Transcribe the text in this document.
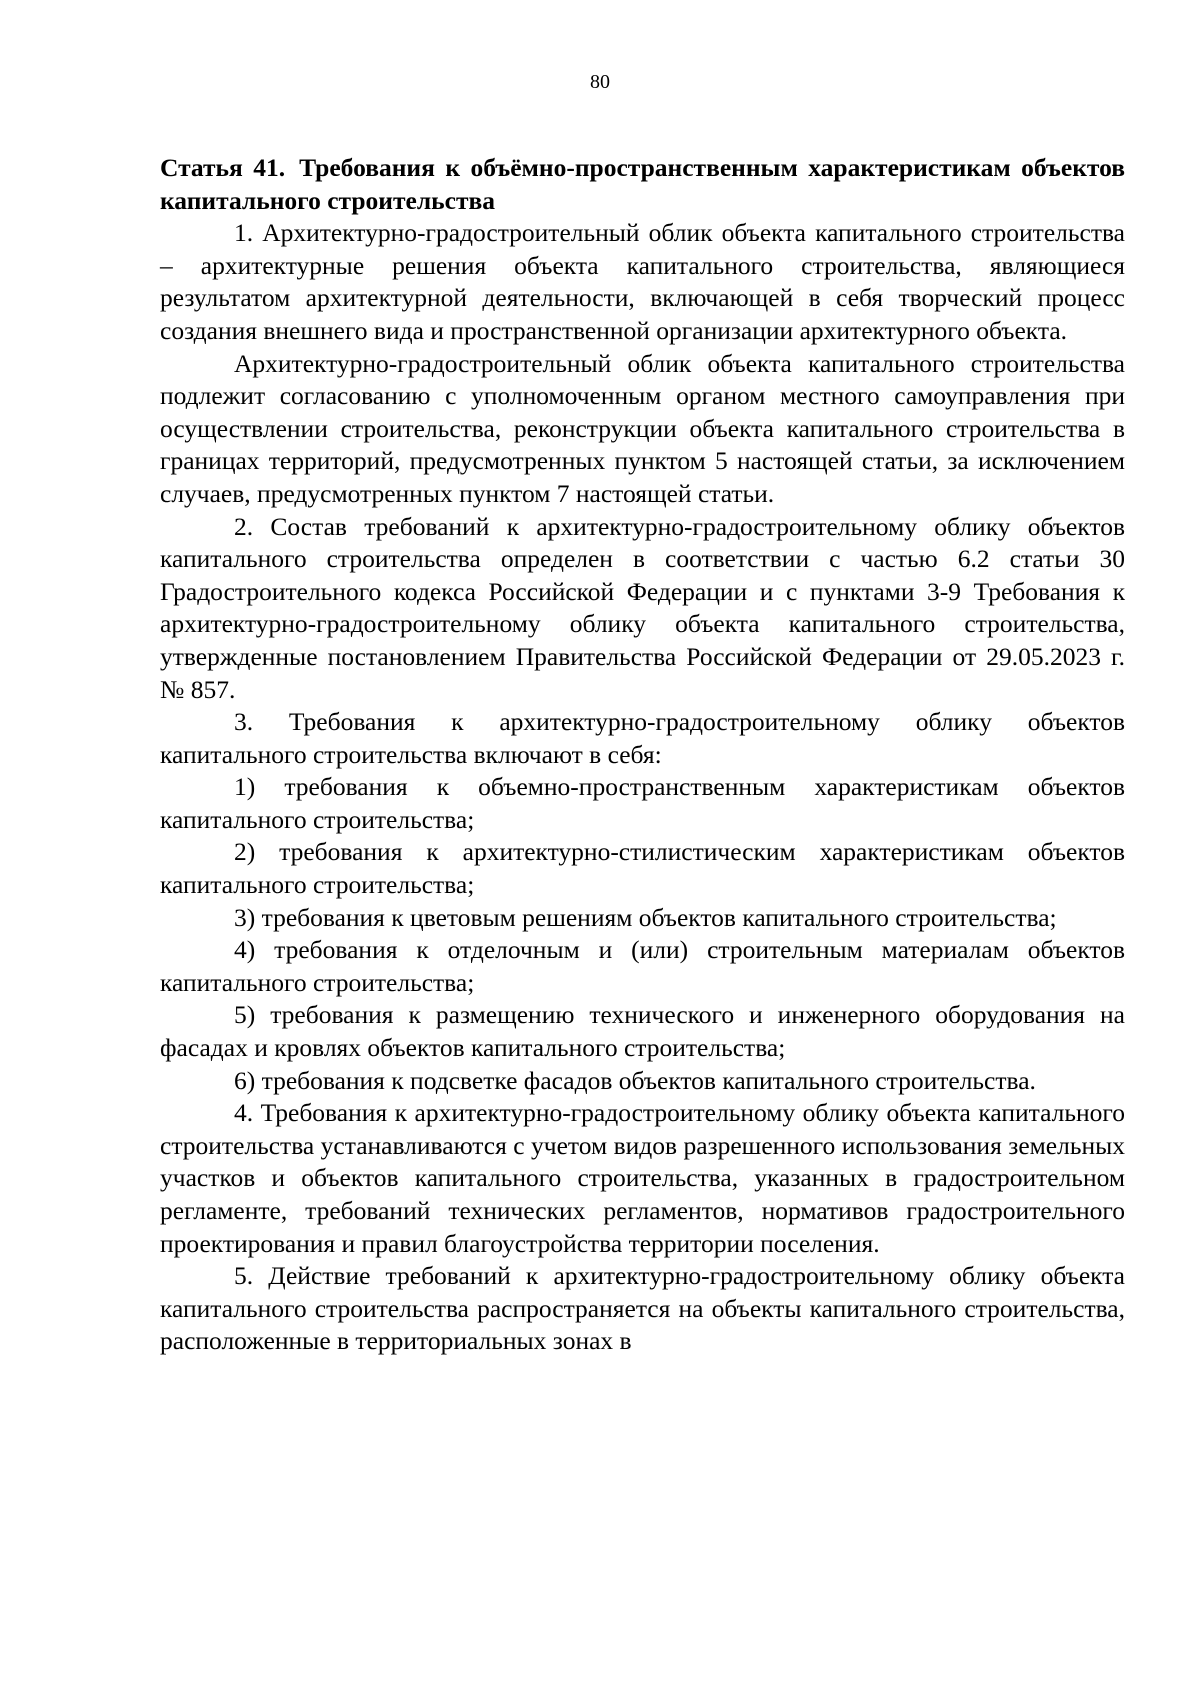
80
Статья 41. Требования к объёмно-пространственным характеристикам объектов капитального строительства

1. Архитектурно-градостроительный облик объекта капитального строительства – архитектурные решения объекта капитального строительства, являющиеся результатом архитектурной деятельности, включающей в себя творческий процесс создания внешнего вида и пространственной организации архитектурного объекта.

Архитектурно-градостроительный облик объекта капитального строительства подлежит согласованию с уполномоченным органом местного самоуправления при осуществлении строительства, реконструкции объекта капитального строительства в границах территорий, предусмотренных пунктом 5 настоящей статьи, за исключением случаев, предусмотренных пунктом 7 настоящей статьи.

2. Состав требований к архитектурно-градостроительному облику объектов капитального строительства определен в соответствии с частью 6.2 статьи 30 Градостроительного кодекса Российской Федерации и с пунктами 3-9 Требования к архитектурно-градостроительному облику объекта капитального строительства, утвержденные постановлением Правительства Российской Федерации от 29.05.2023 г. № 857.

3. Требования к архитектурно-градостроительному облику объектов капитального строительства включают в себя:

1) требования к объемно-пространственным характеристикам объектов капитального строительства;

2) требования к архитектурно-стилистическим характеристикам объектов капитального строительства;

3) требования к цветовым решениям объектов капитального строительства;

4) требования к отделочным и (или) строительным материалам объектов капитального строительства;

5) требования к размещению технического и инженерного оборудования на фасадах и кровлях объектов капитального строительства;

6) требования к подсветке фасадов объектов капитального строительства.

4. Требования к архитектурно-градостроительному облику объекта капитального строительства устанавливаются с учетом видов разрешенного использования земельных участков и объектов капитального строительства, указанных в градостроительном регламенте, требований технических регламентов, нормативов градостроительного проектирования и правил благоустройства территории поселения.

5. Действие требований к архитектурно-градостроительному облику объекта капитального строительства распространяется на объекты капитального строительства, расположенные в территориальных зонах в
